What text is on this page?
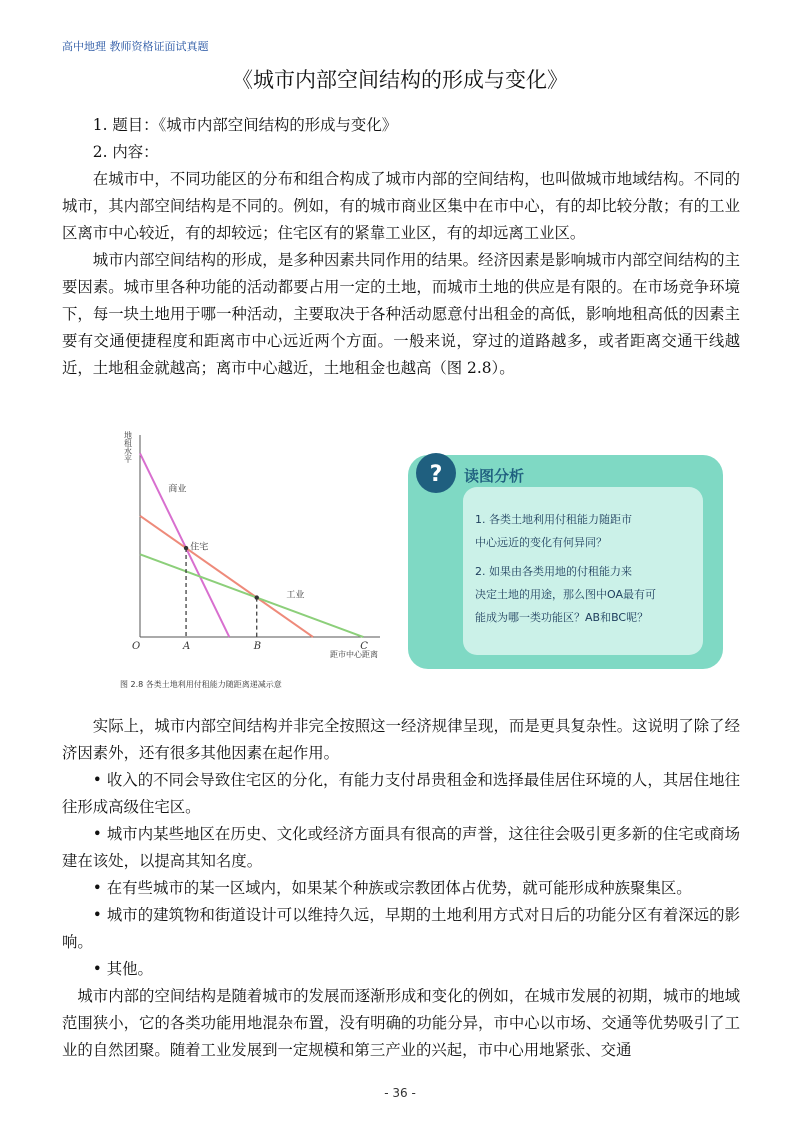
高中地理 教师资格证面试真题
《城市内部空间结构的形成与变化》

1. 题目：《城市内部空间结构的形成与变化》

2. 内容：

在城市中，不同功能区的分布和组合构成了城市内部的空间结构，也叫做城市地域结构。不同的城市，其内部空间结构是不同的。例如，有的城市商业区集中在市中心，有的却比较分散；有的工业区离市中心较近，有的却较远；住宅区有的紧靠工业区，有的却远离工业区。

城市内部空间结构的形成，是多种因素共同作用的结果。经济因素是影响城市内部空间结构的主要因素。城市里各种功能的活动都要占用一定的土地，而城市土地的供应是有限的。在市场竞争环境下，每一块土地用于哪一种活动，主要取决于各种活动愿意付出租金的高低，影响地租高低的因素主要有交通便捷程度和距离市中心远近两个方面。一般来说，穿过的道路越多，或者距离交通干线越近，土地租金就越高；离市中心越近，土地租金也越高（图 2.8）。

地租水平
距市中心距离
商业
住宅
工业
O	A	B	C
图 2.8 各类土地利用付租能力随距离递减示意
? 读图分析
1. 各类土地利用付租能力随距市
中心远近的变化有何异同？
2. 如果由各类用地的付租能力来
决定土地的用途，那么图中OA最有可
能成为哪一类功能区？AB和BC呢？

实际上，城市内部空间结构并非完全按照这一经济规律呈现，而是更具复杂性。这说明了除了经济因素外，还有很多其他因素在起作用。

• 收入的不同会导致住宅区的分化，有能力支付昂贵租金和选择最佳居住环境的人，其居住地往往形成高级住宅区。

• 城市内某些地区在历史、文化或经济方面具有很高的声誉，这往往会吸引更多新的住宅或商场建在该处，以提高其知名度。

• 在有些城市的某一区域内，如果某个种族或宗教团体占优势，就可能形成种族聚集区。

• 城市的建筑物和街道设计可以维持久远，早期的土地利用方式对日后的功能分区有着深远的影响。

• 其他。

城市内部的空间结构是随着城市的发展而逐渐形成和变化的例如，在城市发展的初期，城市的地域范围狭小，它的各类功能用地混杂布置，没有明确的功能分异，市中心以市场、交通等优势吸引了工业的自然团聚。随着工业发展到一定规模和第三产业的兴起，市中心用地紧张、交通

- 36 -
